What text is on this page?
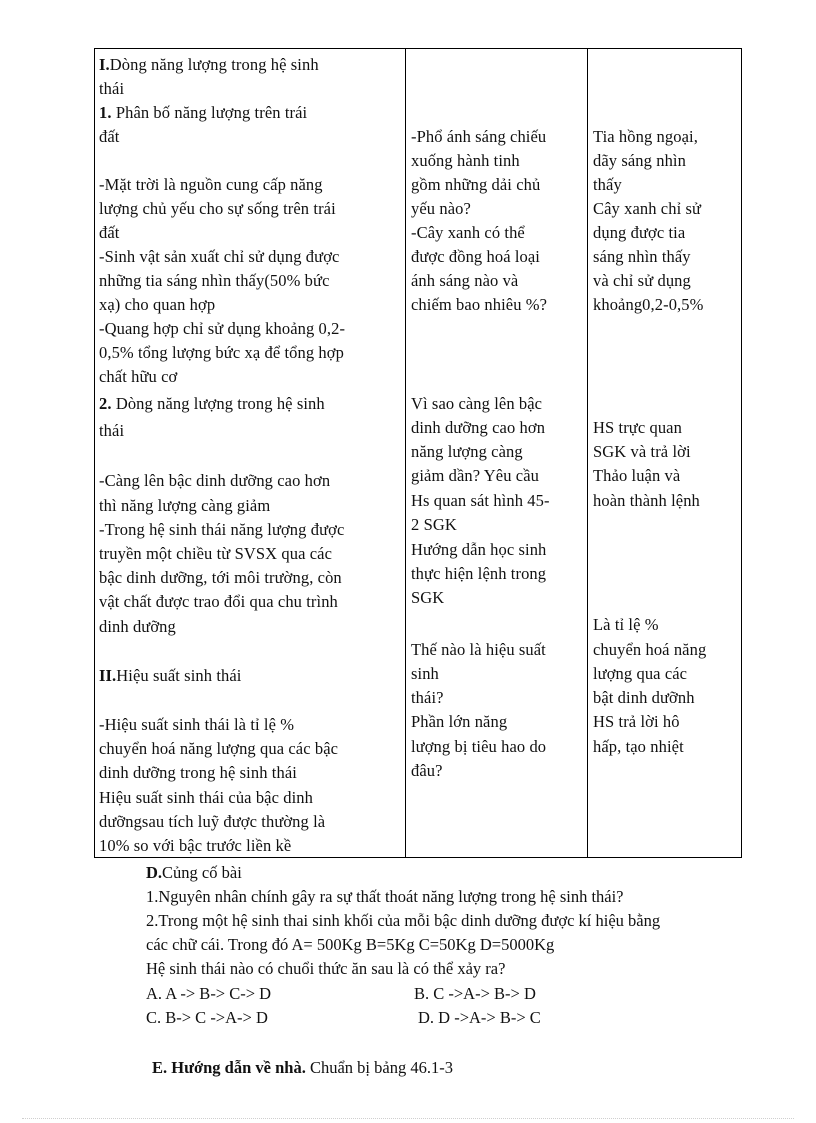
I.Dòng năng lượng trong hệ sinh
thái
1. Phân bố năng lượng trên trái
đất
-Mặt trời là nguồn cung cấp năng
lượng chủ yếu cho sự sống trên trái
đất
-Sinh vật sản xuất chỉ sử dụng được
những tia sáng nhìn thấy(50% bức
xạ) cho quan hợp
-Quang hợp chỉ sử dụng khoảng 0,2-
0,5% tổng lượng bức xạ để tổng hợp
chất hữu cơ
2. Dòng năng lượng trong hệ sinh
thái
-Càng lên bậc dinh dưỡng cao hơn
thì năng lượng càng giảm
-Trong hệ sinh thái năng lượng được
truyền một chiều từ SVSX qua các
bậc dinh dưỡng, tới môi trường, còn
vật chất được trao đổi qua chu trình
dinh dưỡng
II.Hiệu suất sinh thái
-Hiệu suất sinh thái là tỉ lệ %
chuyển hoá năng lượng qua các bậc
dinh dưỡng trong hệ sinh thái
Hiệu suất sinh thái của bậc dinh
dưỡngsau tích luỹ được thường là
10% so với bậc trước liền kề
-Phổ ánh sáng chiếu
xuống hành tinh
gồm những dải chủ
yếu nào?
-Cây xanh có thể
được đồng hoá loại
ánh sáng nào và
chiếm bao nhiêu %?
Vì sao càng lên bậc
dinh dưỡng cao hơn
năng lượng càng
giảm dần? Yêu cầu
Hs quan sát hình 45-
2 SGK
Hướng dẫn học sinh
thực hiện lệnh trong
SGK
Thế nào là hiệu suất
sinh
thái?
Phần lớn năng
lượng bị tiêu hao do
đâu?
Tia hồng ngoại,
dãy sáng nhìn
thấy
Cây xanh chỉ sử
dụng được tia
sáng nhìn thấy
và chỉ sử dụng
khoảng0,2-0,5%
HS trực quan
SGK và trả lời
Thảo luận và
hoàn thành lệnh
Là tỉ lệ %
chuyển hoá năng
lượng qua các
bật dinh dưỡnh
HS trả lời hô
hấp, tạo nhiệt
D.Củng cố bài
1.Nguyên nhân chính gây ra sự thất thoát năng lượng trong hệ sinh thái?
2.Trong một hệ sinh thai sinh khối của mỗi bậc dinh dưỡng được kí hiệu bằng
các chữ cái. Trong đó A= 500Kg B=5Kg C=50Kg D=5000Kg
Hệ sinh thái nào có chuổi thức ăn sau là có thể xảy ra?
A. A -> B-> C-> D	B. C ->A-> B-> D
C. B-> C ->A-> D	D. D ->A-> B-> C
E. Hướng dẫn về nhà. Chuẩn bị bảng 46.1-3
